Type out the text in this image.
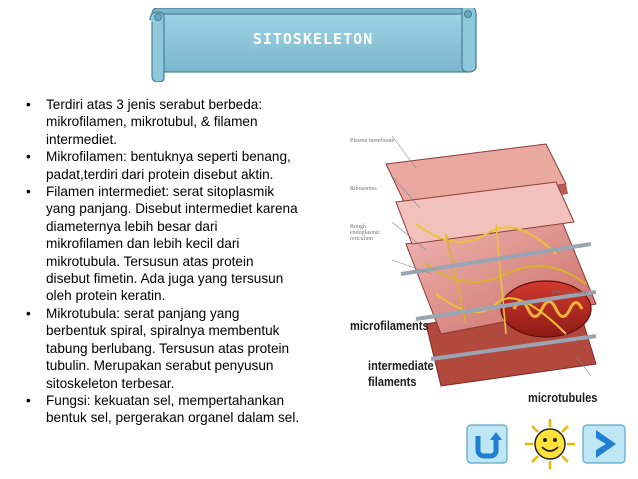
SITOSKELETON
• Terdiri atas 3 jenis serabut berbeda:
mikrofilamen, mikrotubul, & filamen
intermediet.
• Mikrofilamen: bentuknya seperti benang,
padat,terdiri dari protein disebut aktin.
• Filamen intermediet: serat sitoplasmik
yang panjang. Disebut intermediet karena
diameternya lebih besar dari
mikrofilamen dan lebih kecil dari
mikrotubula. Tersusun atas protein
disebut fimetin. Ada juga yang tersusun
oleh protein keratin.
• Mikrotubula: serat panjang yang
berbentuk spiral, spiralnya membentuk
tabung berlubang. Tersusun atas protein
tubulin. Merupakan serabut penyusun
sitoskeleton terbesar.
• Fungsi: kekuatan sel, mempertahankan
bentuk sel, pergerakan organel dalam sel.
Plasma membrane
Ribosomes
Rough endoplasmic reticulum
Mitochondrion
microfilaments
intermediate
filaments
microtubules
